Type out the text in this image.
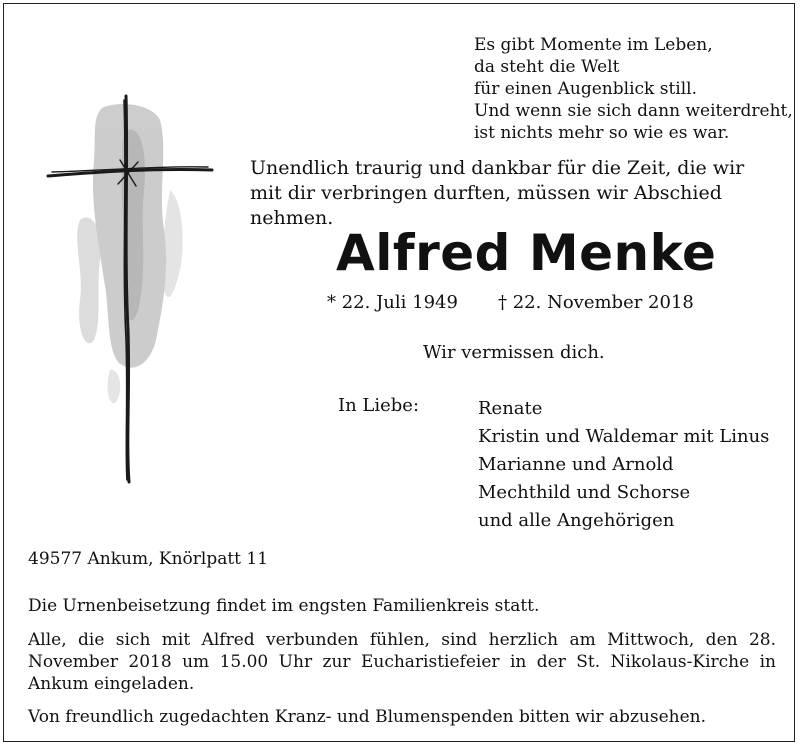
Es gibt Momente im Leben,
da steht die Welt
für einen Augenblick still.
Und wenn sie sich dann weiterdreht,
ist nichts mehr so wie es war.
Unendlich traurig und dankbar für die Zeit, die wir mit dir verbringen durften, müssen wir Abschied nehmen.
Alfred Menke
* 22. Juli 1949 † 22. November 2018
Wir vermissen dich.
In Liebe:	Renate
Kristin und Waldemar mit Linus
Marianne und Arnold
Mechthild und Schorse
und alle Angehörigen
49577 Ankum, Knörlpatt 11
Die Urnenbeisetzung findet im engsten Familienkreis statt.
Alle, die sich mit Alfred verbunden fühlen, sind herzlich am Mittwoch, den 28. November 2018 um 15.00 Uhr zur Eucharistiefeier in der St. Nikolaus-Kirche in Ankum eingeladen.
Von freundlich zugedachten Kranz- und Blumenspenden bitten wir abzusehen.
